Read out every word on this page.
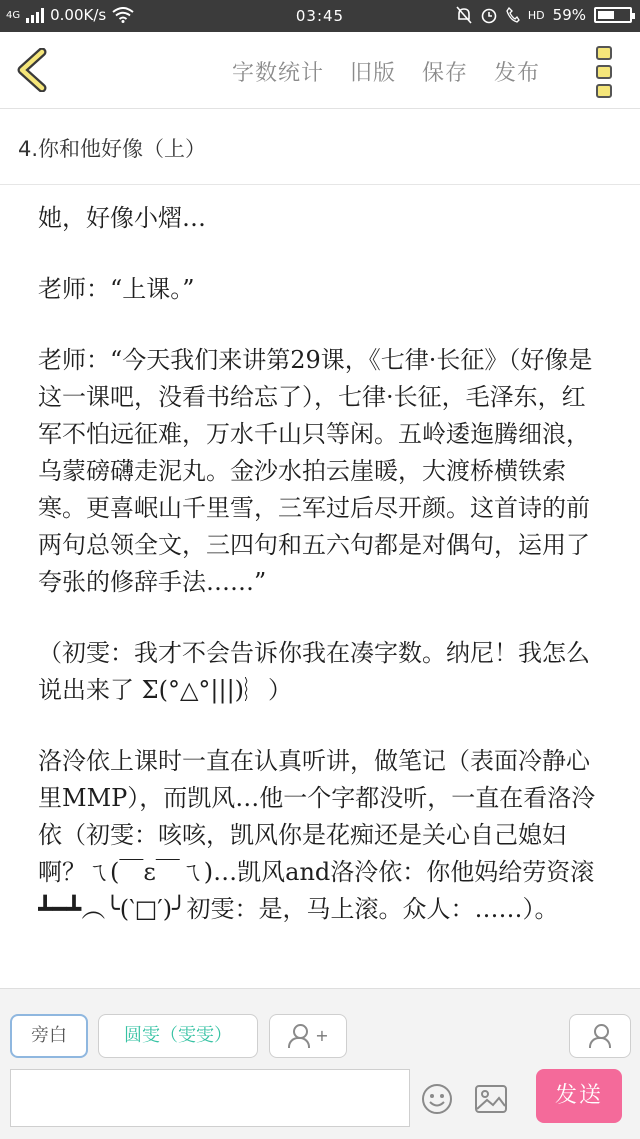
4G 0.00K/s	03:45	HD 59%
字数统计 旧版 保存 发布
4.你和他好像（上）

她，好像小熠…

老师：“上课。”

老师：“今天我们来讲第29课，《七律·长征》（好像是这一课吧，没看书给忘了），七律·长征，毛泽东，红军不怕远征难，万水千山只等闲。五岭逶迤腾细浪，乌蒙磅礴走泥丸。金沙水拍云崖暖，大渡桥横铁索寒。更喜岷山千里雪，三军过后尽开颜。这首诗的前两句总领全文，三四句和五六句都是对偶句，运用了夸张的修辞手法……”

（初雯：我才不会告诉你我在凑字数。纳尼！我怎么说出来了 Σ(°△°|||)︴）

洛泠依上课时一直在认真听讲，做笔记（表面冷静心里MMP），而凯风…他一个字都没听，一直在看洛泠依（初雯：咳咳，凯风你是花痴还是关心自己媳妇啊？ㄟ(￣ε￣ㄟ)…凯风and洛泠依：你他妈给劳资滚┻━┻︵╰(‵□′)╯初雯：是，马上滚。众人：……）。

旁白	圆雯（雯雯）	+
发送
